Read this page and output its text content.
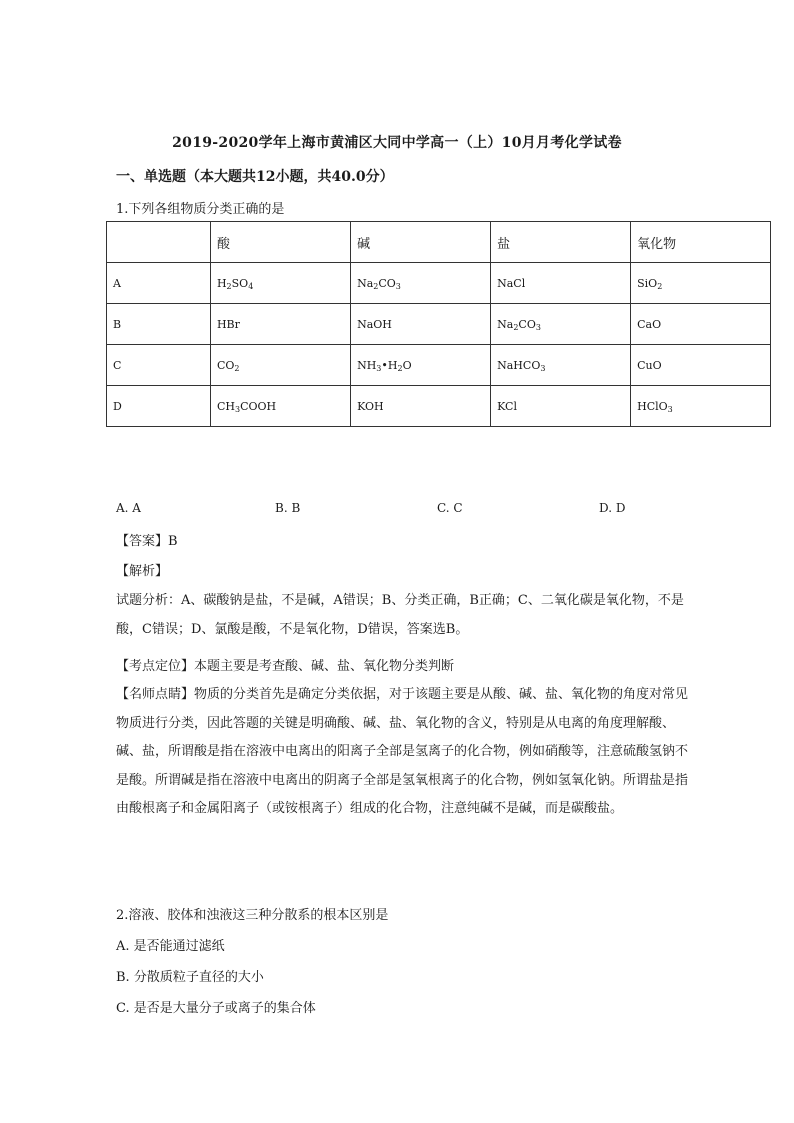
2019-2020学年上海市黄浦区大同中学高一（上）10月月考化学试卷
一、单选题（本大题共12小题，共40.0分）
1.下列各组物质分类正确的是
	酸	碱	盐	氧化物
A	$H_2SO_4$	$Na_2CO_3$	NaCl	SiO$_2$
B	HBr	NaOH	$Na_2CO_3$	CaO
C	$CO_2$	$NH_3•H_2O$	NaHCO$_3$	CuO
D	$CH_3COOH$	KOH	KCl	HClO$_3$
A. A	B. B	C. C	D. D
【答案】B
【解析】
试题分析：A、碳酸钠是盐，不是碱，A错误；B、分类正确，B正确；C、二氧化碳是氧化物，不是酸，C错误；D、氯酸是酸，不是氧化物，D错误，答案选B。
【考点定位】本题主要是考查酸、碱、盐、氧化物分类判断
【名师点睛】物质的分类首先是确定分类依据，对于该题主要是从酸、碱、盐、氧化物的角度对常见物质进行分类，因此答题的关键是明确酸、碱、盐、氧化物的含义，特别是从电离的角度理解酸、碱、盐，所谓酸是指在溶液中电离出的阳离子全部是氢离子的化合物，例如硝酸等，注意硫酸氢钠不是酸。所谓碱是指在溶液中电离出的阴离子全部是氢氧根离子的化合物，例如氢氧化钠。所谓盐是指由酸根离子和金属阳离子（或铵根离子）组成的化合物，注意纯碱不是碱，而是碳酸盐。
2.溶液、胶体和浊液这三种分散系的根本区别是
A. 是否能通过滤纸
B. 分散质粒子直径的大小
C. 是否是大量分子或离子的集合体
